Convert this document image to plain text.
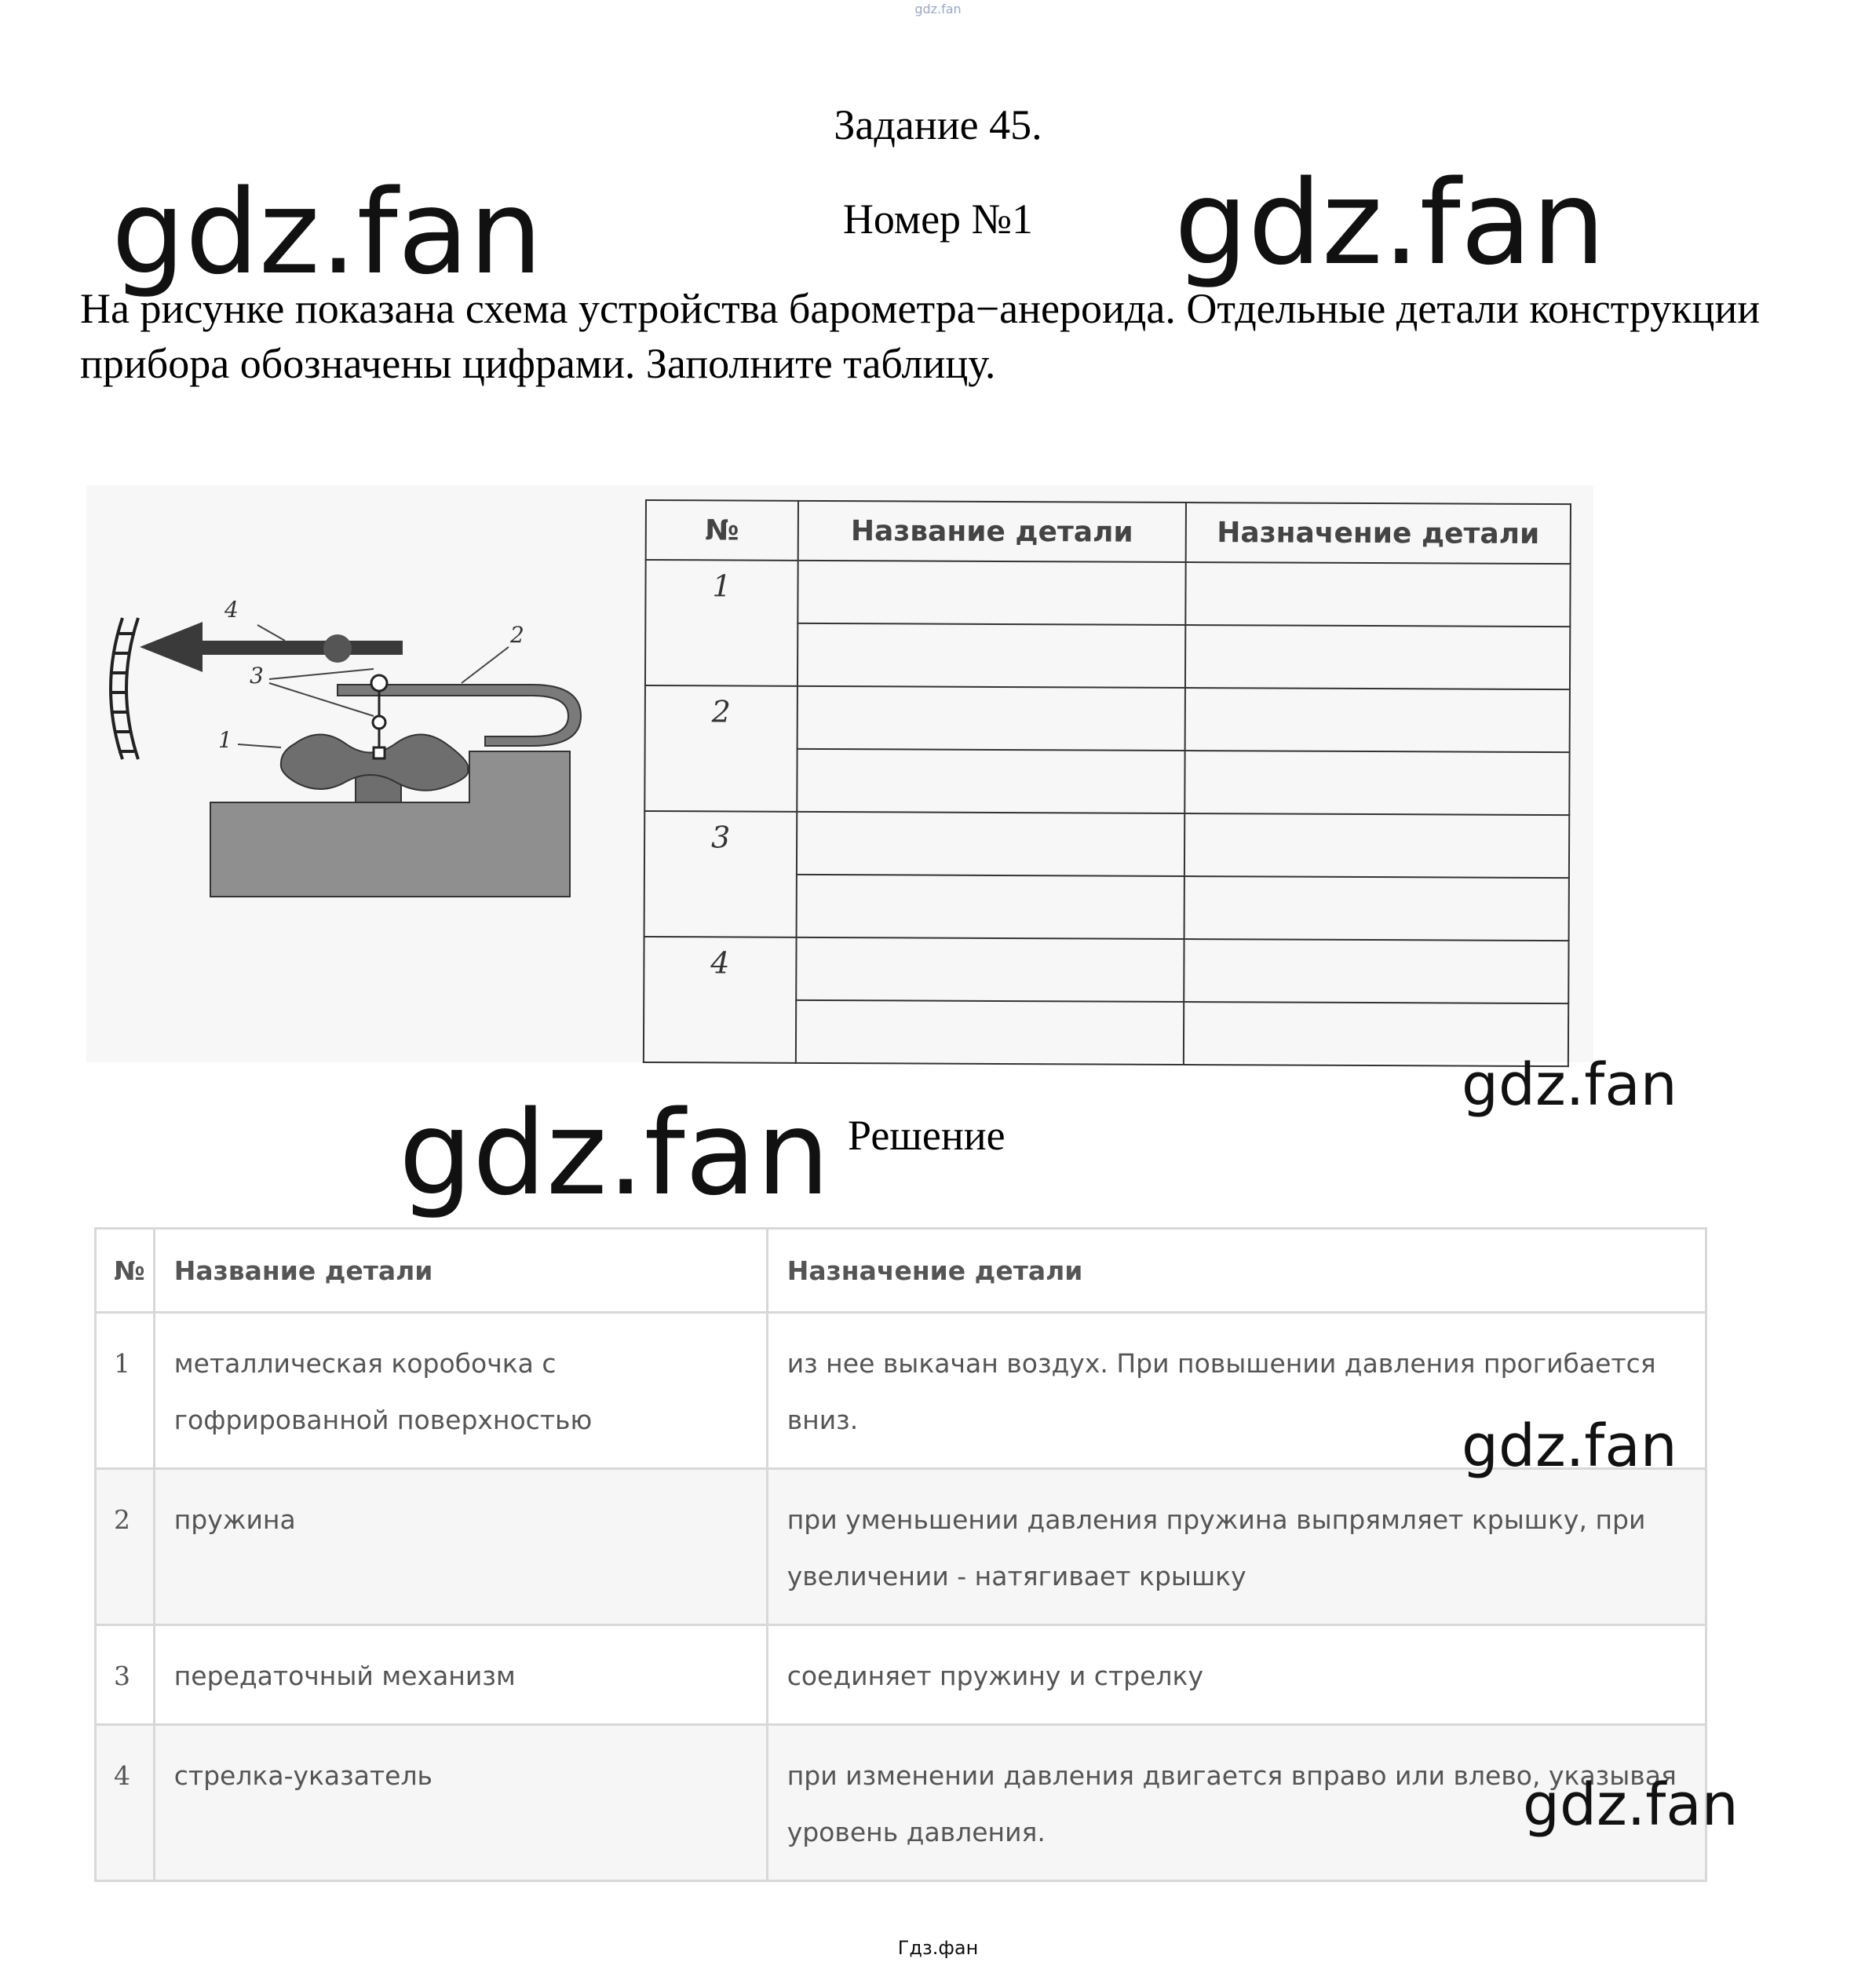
gdz.fan
Задание 45.
Номер №1
gdz.fan	gdz.fan
На рисунке показана схема устройства барометра−анероида. Отдельные детали конструкции прибора обозначены цифрами. Заполните таблицу.
4
3
2
1
№	Название детали	Назначение детали
1		

2		

3		

4		

gdz.fan
gdz.fan Решение
№	Название детали	Назначение детали
1	металлическая коробочка с гофрированной поверхностью	из нее выкачан воздух. При повышении давления прогибается вниз.
2	пружина	при уменьшении давления пружина выпрямляет крышку, при увеличении - натягивает крышку
3	передаточный механизм	соединяет пружину и стрелку
4	стрелка-указатель	при изменении давления двигается вправо или влево, указывая уровень давления.
gdz.fan
gdz.fan
Гдз.фан
